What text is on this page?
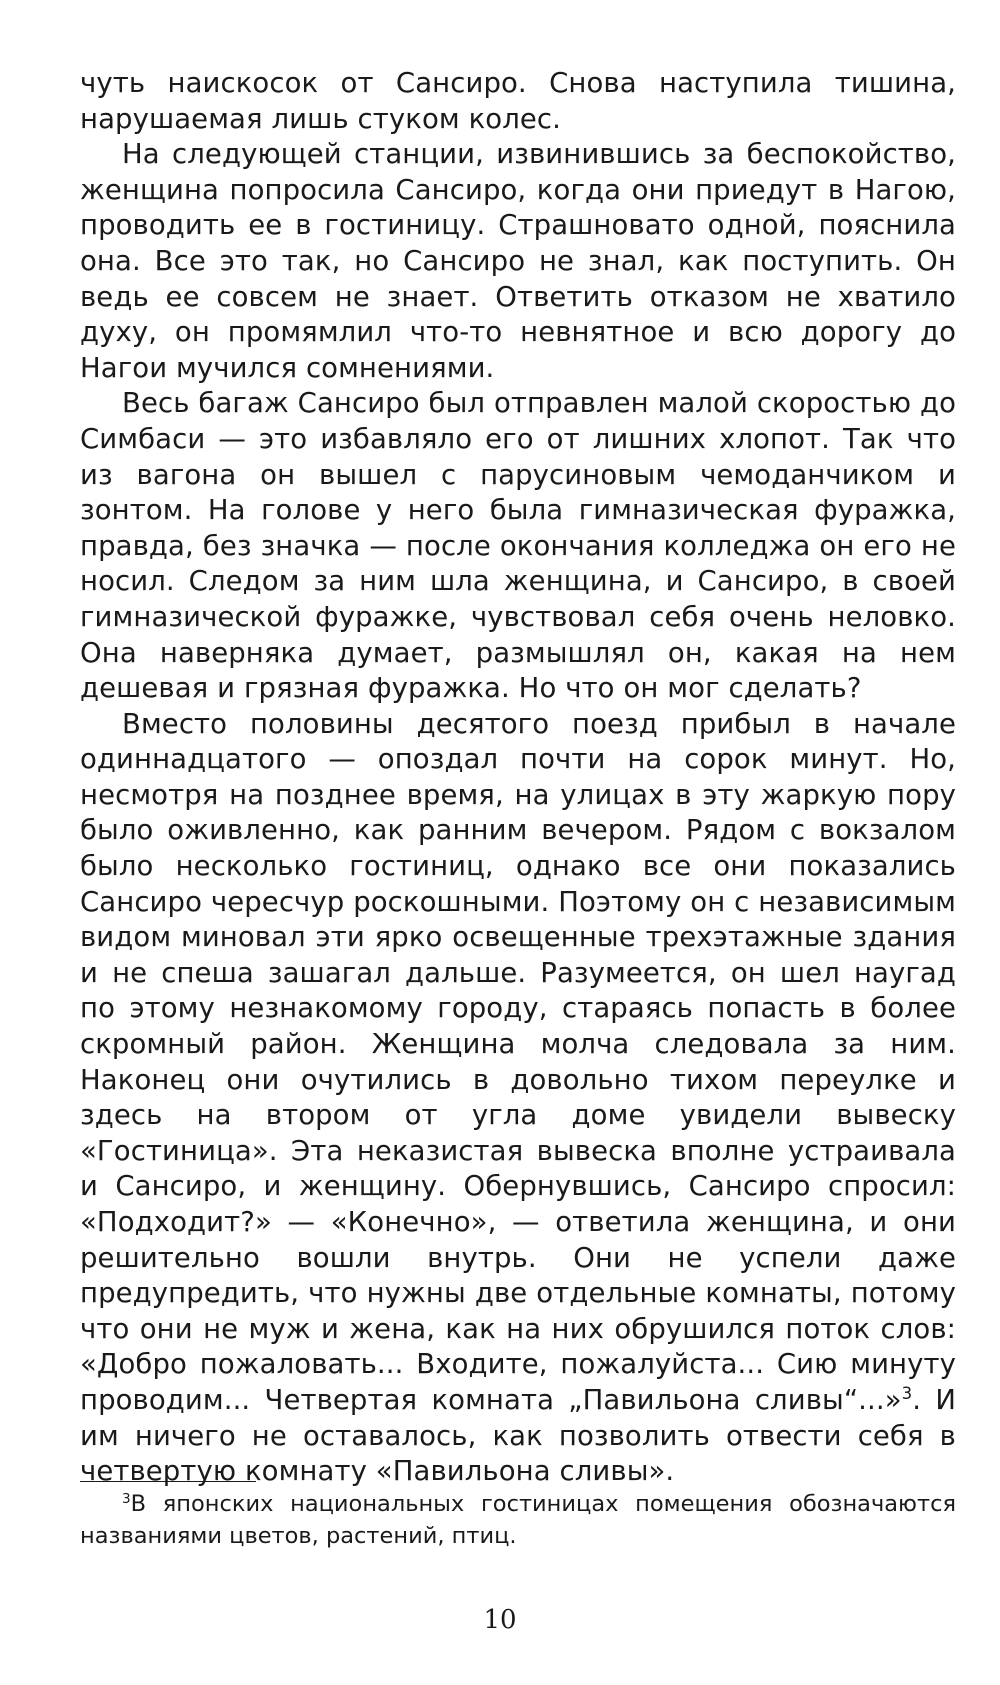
чуть наискосок от Сансиро. Снова наступила тишина, нарушаемая лишь стуком колес.

На следующей станции, извинившись за беспокойство, женщина попросила Сансиро, когда они приедут в Нагою, проводить ее в гостиницу. Страшновато одной, пояснила она. Все это так, но Сансиро не знал, как поступить. Он ведь ее совсем не знает. Ответить отказом не хватило духу, он промямлил что-то невнятное и всю дорогу до Нагои мучился сомнениями.

Весь багаж Сансиро был отправлен малой скоростью до Симбаси — это избавляло его от лишних хлопот. Так что из вагона он вышел с парусиновым чемоданчиком и зонтом. На голове у него была гимназическая фуражка, правда, без значка — после окончания колледжа он его не носил. Следом за ним шла женщина, и Сансиро, в своей гимназической фуражке, чувствовал себя очень неловко. Она наверняка думает, размышлял он, какая на нем дешевая и грязная фуражка. Но что он мог сделать?

Вместо половины десятого поезд прибыл в начале одиннадцатого — опоздал почти на сорок минут. Но, несмотря на позднее время, на улицах в эту жаркую пору было оживленно, как ранним вечером. Рядом с вокзалом было несколько гостиниц, однако все они показались Сансиро чересчур роскошными. Поэтому он с независимым видом миновал эти ярко освещенные трехэтажные здания и не спеша зашагал дальше. Разумеется, он шел наугад по этому незнакомому городу, стараясь попасть в более скромный район. Женщина молча следовала за ним. Наконец они очутились в довольно тихом переулке и здесь на втором от угла доме увидели вывеску «Гостиница». Эта неказистая вывеска вполне устраивала и Сансиро, и женщину. Обернувшись, Сансиро спросил: «Подходит?» — «Конечно», — ответила женщина, и они решительно вошли внутрь. Они не успели даже предупредить, что нужны две отдельные комнаты, потому что они не муж и жена, как на них обрушился поток слов: «Добро пожаловать... Входите, пожалуйста... Сию минуту проводим... Четвертая комната „Павильона сливы“...»$^3$. И им ничего не оставалось, как позволить отвести себя в четвертую комнату «Павильона сливы».

$^3$В японских национальных гостиницах помещения обозначаются названиями цветов, растений, птиц.
10
